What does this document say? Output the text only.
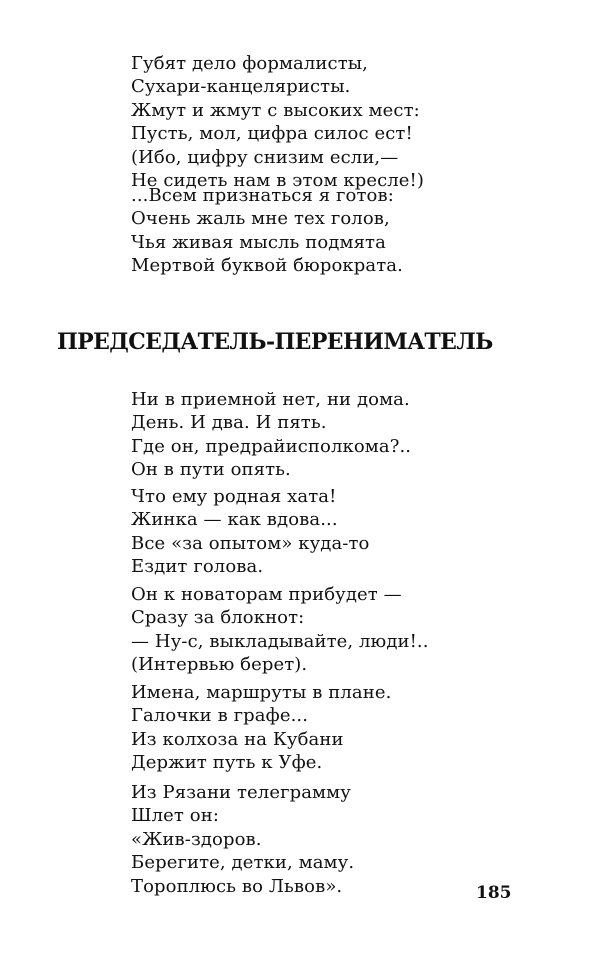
Губят дело формалисты,
Сухари-канцеляристы.
Жмут и жмут с высоких мест:
Пусть, мол, цифра силос ест!
(Ибо, цифру снизим если,—
Не сидеть нам в этом кресле!)
...Всем признаться я готов:
Очень жаль мне тех голов,
Чья живая мысль подмята
Мертвой буквой бюрократа.
ПРЕДСЕДАТЕЛЬ-ПЕРЕНИМАТЕЛЬ
Ни в приемной нет, ни дома.
День. И два. И пять.
Где он, предрайисполкома?..
Он в пути опять.
Что ему родная хата!
Жинка — как вдова...
Все «за опытом» куда-то
Ездит голова.
Он к новаторам прибудет —
Сразу за блокнот:
— Ну-с, выкладывайте, люди!..
(Интервью берет).
Имена, маршруты в плане.
Галочки в графе...
Из колхоза на Кубани
Держит путь к Уфе.
Из Рязани телеграмму
Шлет он:
«Жив-здоров.
Берегите, детки, маму.
Тороплюсь во Львов».	185
